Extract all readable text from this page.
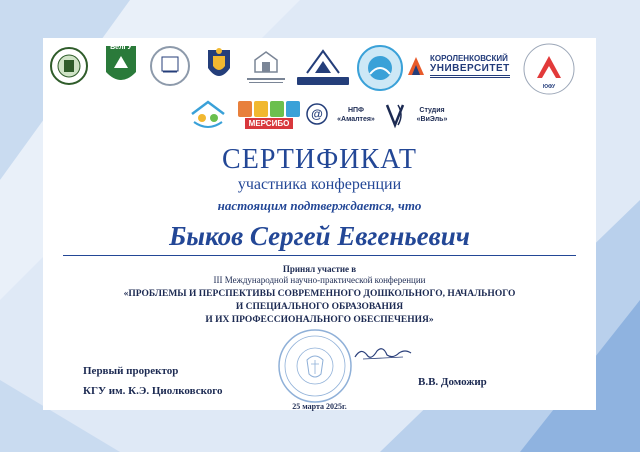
БелГУ
КОРОЛЕНКОВСКИЙ
УНИВЕРСИТЕТ
ЮФУ
МЕРСИБО
@	НПФ «Амалтея»
Студия «ВиЭль»
СЕРТИФИКАТ
участника конференции
настоящим подтверждается, что
Быков Сергей Евгеньевич
Принял участие в
III Международной научно-практической конференции
«ПРОБЛЕМЫ И ПЕРСПЕКТИВЫ СОВРЕМЕННОГО ДОШКОЛЬНОГО, НАЧАЛЬНОГО
И СПЕЦИАЛЬНОГО ОБРАЗОВАНИЯ
И ИХ ПРОФЕССИОНАЛЬНОГО ОБЕСПЕЧЕНИЯ»
Первый проректор
КГУ им. К.Э. Циолковского
В.В. Доможир
25 марта 2025г.
